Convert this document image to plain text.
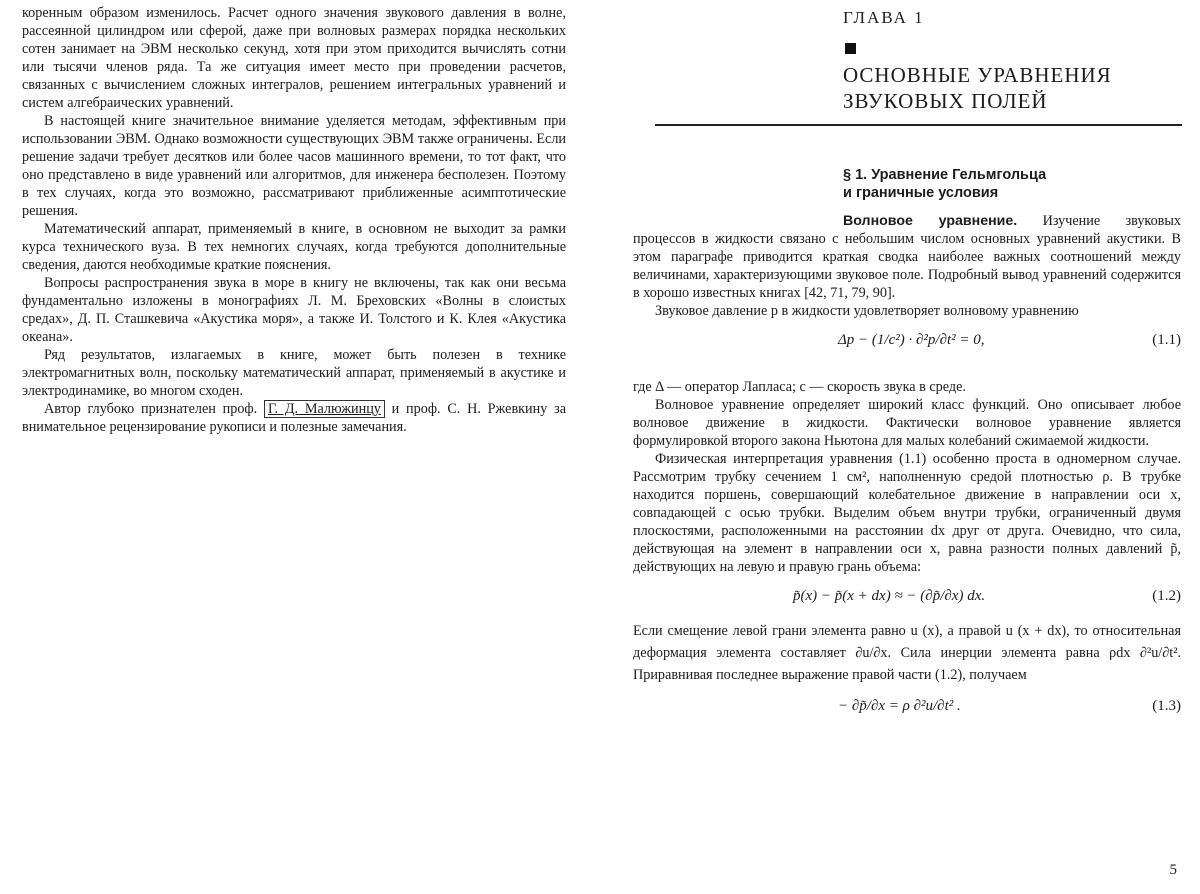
коренным образом изменилось. Расчет одного значения звукового давления в волне, рассеянной цилиндром или сферой, даже при волновых размерах порядка нескольких сотен занимает на ЭВМ несколько секунд, хотя при этом приходится вычислять сотни или тысячи членов ряда. Та же ситуация имеет место при проведении расчетов, связанных с вычислением сложных интегралов, решением интегральных уравнений и систем алгебраических уравнений.

В настоящей книге значительное внимание уделяется методам, эффективным при использовании ЭВМ. Однако возможности существующих ЭВМ также ограничены. Если решение задачи требует десятков или более часов машинного времени, то тот факт, что оно представлено в виде уравнений или алгоритмов, для инженера бесполезен. Поэтому в тех случаях, когда это возможно, рассматривают приближенные асимптотические решения.

Математический аппарат, применяемый в книге, в основном не выходит за рамки курса технического вуза. В тех немногих случаях, когда требуются дополнительные сведения, даются необходимые краткие пояснения.

Вопросы распространения звука в море в книгу не включены, так как они весьма фундаментально изложены в монографиях Л. М. Бреховских «Волны в слоистых средах», Д. П. Сташкевича «Акустика моря», а также И. Толстого и К. Клея «Акустика океана».

Ряд результатов, излагаемых в книге, может быть полезен в технике электромагнитных волн, поскольку математический аппарат, применяемый в акустике и электродинамике, во многом сходен.

Автор глубоко признателен проф. Г. Д. Малюжинцу и проф. С. Н. Ржевкину за внимательное рецензирование рукописи и полезные замечания.

ГЛАВА 1
ОСНОВНЫЕ УРАВНЕНИЯ
ЗВУКОВЫХ ПОЛЕЙ
§ 1. Уравнение Гельмгольца
и граничные условия

Волновое уравнение. Изучение звуковых процессов в жидкости связано с небольшим числом основных уравнений акустики. В этом параграфе приводится краткая сводка наиболее важных соотношений между величинами, характеризующими звуковое поле. Подробный вывод уравнений содержится в хорошо известных книгах [42, 71, 79, 90].

Звуковое давление p в жидкости удовлетворяет волновому уравнению

Δp − (1/c²) · ∂²p/∂t² = 0,	(1.1)

где Δ — оператор Лапласа; c — скорость звука в среде.

Волновое уравнение определяет широкий класс функций. Оно описывает любое волновое движение в жидкости. Фактически волновое уравнение является формулировкой второго закона Ньютона для малых колебаний сжимаемой жидкости.

Физическая интерпретация уравнения (1.1) особенно проста в одномерном случае. Рассмотрим трубку сечением 1 см², наполненную средой плотностью ρ. В трубке находится поршень, совершающий колебательное движение в направлении оси x, совпадающей с осью трубки. Выделим объем внутри трубки, ограниченный двумя плоскостями, расположенными на расстоянии dx друг от друга. Очевидно, что сила, действующая на элемент в направлении оси x, равна разности полных давлений p̃, действующих на левую и правую грань объема:

p̃(x) − p̃(x + dx) ≈ − (∂p̃/∂x) dx.	(1.2)

Если смещение левой грани элемента равно u (x), а правой u (x + dx), то относительная деформация элемента составляет ∂u/∂x. Сила инерции элемента равна ρdx ∂²u/∂t². Приравнивая последнее выражение правой части (1.2), получаем

− ∂p̃/∂x = ρ ∂²u/∂t² .	(1.3)
5
